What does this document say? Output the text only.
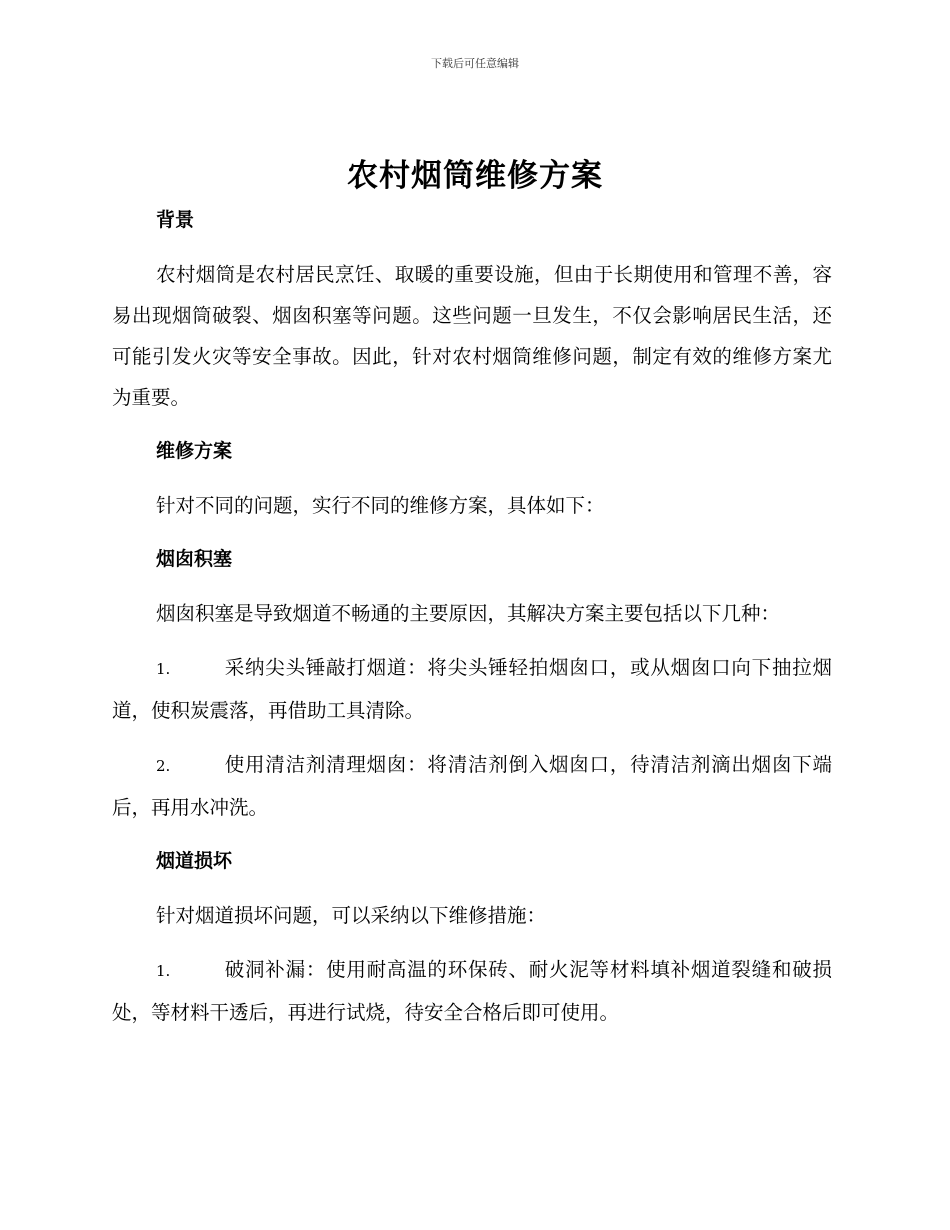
下载后可任意编辑
农村烟筒维修方案
背景
农村烟筒是农村居民烹饪、取暖的重要设施，但由于长期使用和管理不善，容易出现烟筒破裂、烟囱积塞等问题。这些问题一旦发生，不仅会影响居民生活，还可能引发火灾等安全事故。因此，针对农村烟筒维修问题，制定有效的维修方案尤为重要。
维修方案
针对不同的问题，实行不同的维修方案，具体如下：
烟囱积塞
烟囱积塞是导致烟道不畅通的主要原因，其解决方案主要包括以下几种：
1.	采纳尖头锤敲打烟道：将尖头锤轻拍烟囱口，或从烟囱口向下抽拉烟道，使积炭震落，再借助工具清除。
2.	使用清洁剂清理烟囱：将清洁剂倒入烟囱口，待清洁剂滴出烟囱下端后，再用水冲洗。
烟道损坏
针对烟道损坏问题，可以采纳以下维修措施：
1.	破洞补漏：使用耐高温的环保砖、耐火泥等材料填补烟道裂缝和破损处，等材料干透后，再进行试烧，待安全合格后即可使用。
